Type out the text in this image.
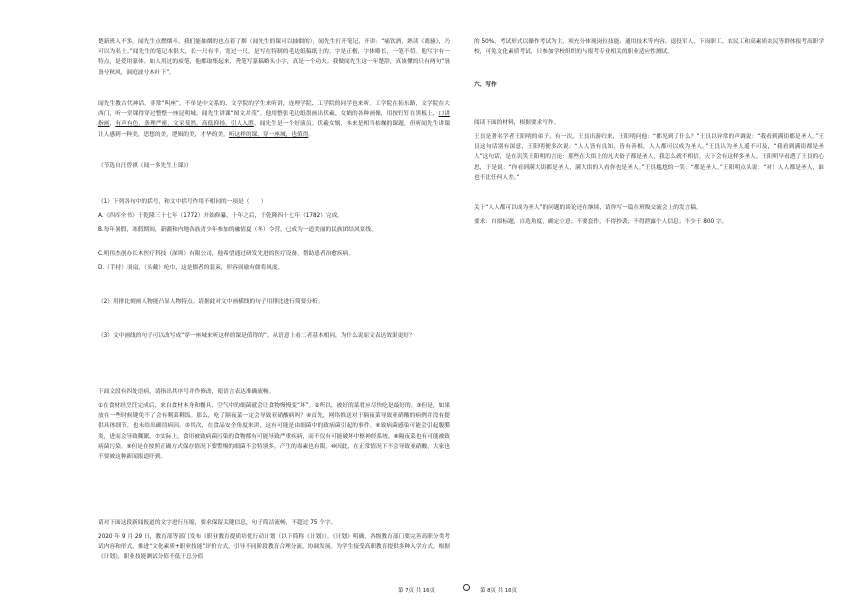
楚新班人不多。闻先生点燃烟斗，我们能抽烟的也点着了烟（闻先生的课可以抽烟的），闻先生打开笔记，开讲：“痛饮酒，熟读《离骚》，乃可以为名士。”闻先生的笔记本很大，长一尺有半，宽过一尺，是写在特制的毛边纸稿纸上的。字是正楷，字体略长，一笔不苟。他写字有一特点，是爱用篆体。如人用过的废笔，他都取集起来，秃笔写篆稿略头小字，真是一个功夫。我做闻先生这一年楚辞，真该懂的只有两句“袅袅兮秋风，洞庭波兮木叶下”。

闻先生教古代神话，非常“叫座”。不单是中文系的、文学院的学生来听讲，连理学院、工学院的同学也来听。工学院在拓东路，文学院在大西门，听一堂课得穿过整整一座昆明城。闻先生讲课“图文并茂”。他用整张毛边纸墨画出伏羲、女娲的各种画像，用按钉钉在黑板上，口讲指画，有声有色，条理严密，文采斐然，高低抑扬，引人入胜。闻先生是一个好演员。伏羲女娲，本来是相当枯燥的课题，但听闻先生讲课让人感到一种美，思想的美，逻辑的美，才华的美。听这样的课，穿一座城，也值得。

（节选自汪曾祺《闻一多先生上课》）

（1）下列各句中的括号，和文中括号作用不相同的一项是（　　）

A.《四库全书》于乾隆三十七年（1772）开始修纂，十年之后，于乾隆四十七年（1782）完成。

B.每年暑假，寒假期间，新疆和内地各族青少年参加的融情夏（冬）令营，已成为一道美丽的民族团结风景线。

C.明伟杰创办长木医疗科技（深圳）有限公司，他希望通过研发先进的医疗设备，帮助患者治愈疾病。

D.（手持）羽扇，（头戴）纶巾，这是儒者的装束，形容周瑜有儒将风度。

（2）用排比刻画人物能凸显人物特点。请据此对文中画横线的句子用排比进行简要分析。

（3）文中画线的句子可以改写成“穿一座城来听这样的课是值得的”。从语意上看二者基本相同，为什么说原文表达效果更好？

下面文段有四处语病，请指出其序号并作修改，使语言表达准确流畅。

①在食材经烹饪完成后，来自食材本身和餐具、空气中的细菌就会让食物慢慢变“坏”。②所以，被好的菜肴应尽快吃是最好的。③但是，如果放在一些时候键免不了会有剩菜剩饭。那么，吃了隔夜菜一定会导致亚硝酸病吗？④首先，网络推送对于隔夜菜导致亚硝酸的病例并没有提供具体细节，也未给出确切病因。⑤其次，在食品安全角度来讲，这有可能是由细菌中的致病菌引起的事件。⑥致病菌感染可能会引起腹膜炎，进而会导致糊眠。⑦实际上，食用被致病菌污染的食物都有可能导致严重疾病，而不仅有可能破坏中枢神经系统。⑧隔夜菜也有可能被致病菌污染。⑨但是在按照正确方式保存情况下要警惕的细菌不会特别多，产生的毒素也有限。⑩因此，在正常情况下不会导致亚硝酸，大家也不要被这种新闻报道吓到。

请对下面这段新闻报道的文字进行压缩，要求保留关键信息，句子简洁流畅，不超过 75 个字。

2020 年 9 月 29 日，教育部等部门发布《职业教育提质培优行动计划（以下简称《计划》）。《计划》明确，各级教育部门要完善高职分类考试内容和形式，推进“文化素质+职业技能”评价方式，引导不同阶段教育合理分流，协调发展。为学生接受高职教育提供多种入学方式。根据《计划》，职业技能测试分值不低于总分值

的 50%，考试形式以操作考试为主，须充分体现岗位技能、通用技术等内容。退役军人、下岗职工、农民工和高素质农民等群体报考高职学校，可免文化素质考试，只参加学校组织的与报考专业相关的职业适应性测试。

六、写作

阅读下面的材料，根据要求写作。

王艮是著名学者王阳明的弟子。有一次，王艮出游归来，王阳明问他：“都见到了什么？”王艮以异常的声调说：“我看到满街都是圣人。”王艮这句话别有深意，王阳明便多次说：“人人皆有良知，皆有善根，人人都可以成为圣人。”王艮认为圣人遥不可及，“我看到满街都是圣人”这句话，是在讥笑王阳明的言论：那些在大街上的凡夫俗子都是圣人，我怎么就不相信。天下会有这样多圣人。王阳明早看透了王艮的心思，于是说：“你看到满大街都是圣人，满大街的人看你也是圣人。”王艮尴尬的一笑：“都是圣人。”王阳明点头说：“对！人人都是圣人，谁也不比任何人差。”

关于“人人都可以成为圣人”的问题的谈论还在继续，请你写一篇在班级交流会上的发言稿。

要求：自拟标题，自选角度，确定立意；不要套作，不得抄袭；不得泄露个人信息；不少于 800 字。

第 7页 共 16页	第 8页 共 16页
